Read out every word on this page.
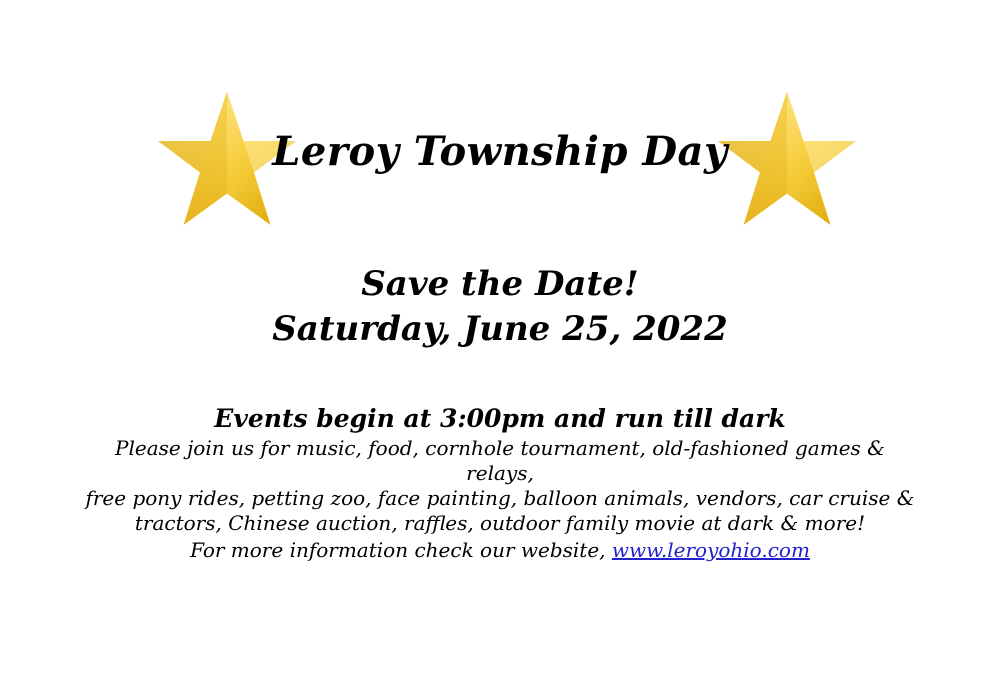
Leroy Township Day
Save the Date!
Saturday, June 25, 2022
Events begin at 3:00pm and run till dark
Please join us for music, food, cornhole tournament, old-fashioned games & relays,
free pony rides, petting zoo, face painting, balloon animals, vendors, car cruise &
tractors, Chinese auction, raffles, outdoor family movie at dark & more!
For more information check our website, www.leroyohio.com
